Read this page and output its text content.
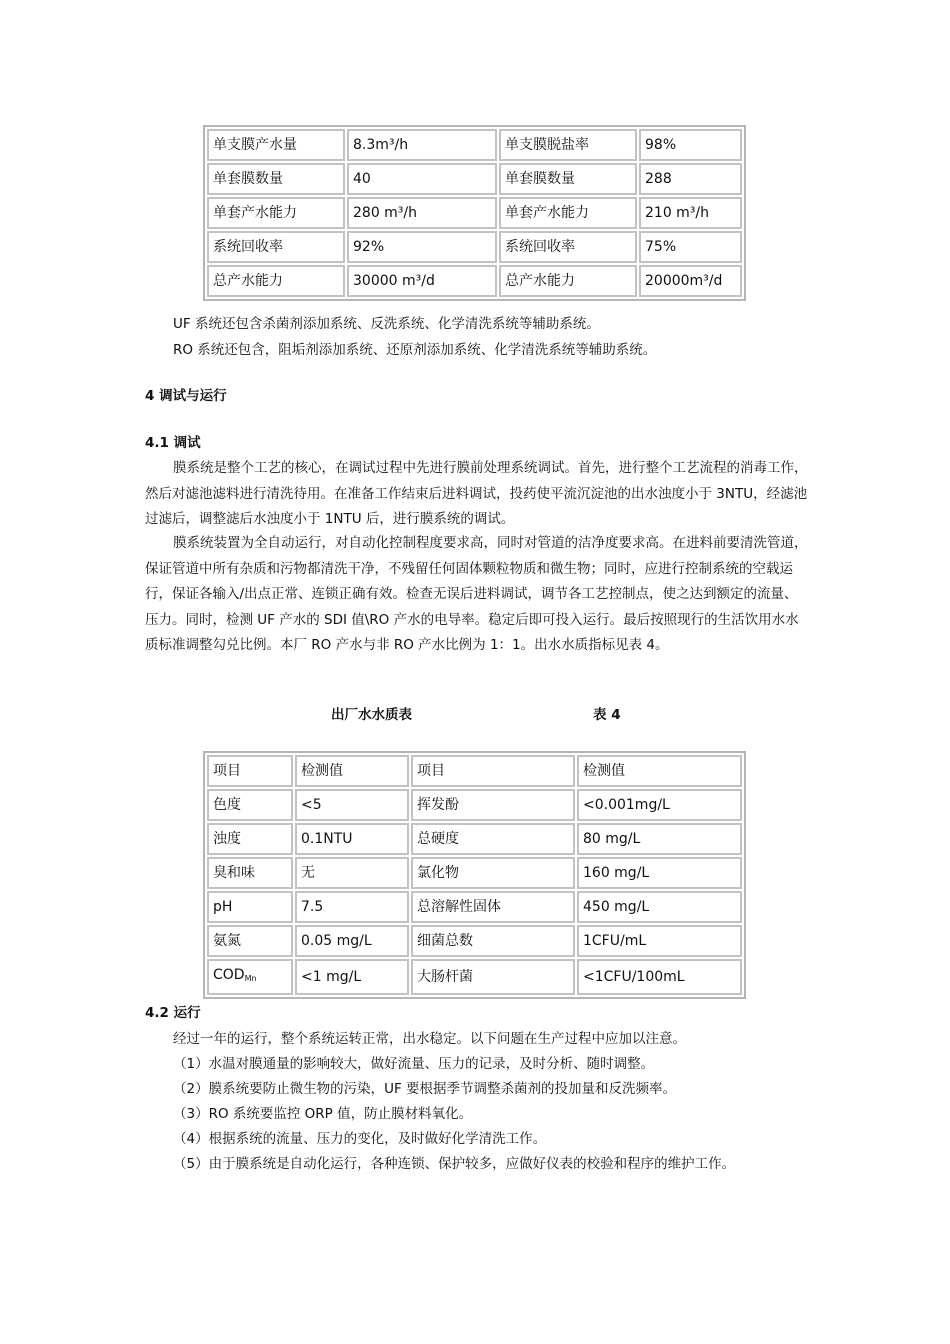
单支膜产水量	8.3m³/h	单支膜脱盐率	98%
单套膜数量	40	单套膜数量	288
单套产水能力	280 m³/h	单套产水能力	210 m³/h
系统回收率	92%	系统回收率	75%
总产水能力	30000 m³/d	总产水能力	20000m³/d

UF 系统还包含杀菌剂添加系统、反洗系统、化学清洗系统等辅助系统。

RO 系统还包含，阻垢剂添加系统、还原剂添加系统、化学清洗系统等辅助系统。

4 调试与运行

4.1 调试

膜系统是整个工艺的核心，在调试过程中先进行膜前处理系统调试。首先，进行整个工艺流程的消毒工作，然后对滤池滤料进行清洗待用。在准备工作结束后进料调试，投药使平流沉淀池的出水浊度小于 3NTU，经滤池过滤后，调整滤后水浊度小于 1NTU 后，进行膜系统的调试。

膜系统装置为全自动运行，对自动化控制程度要求高，同时对管道的洁净度要求高。在进料前要清洗管道，保证管道中所有杂质和污物都清洗干净，不残留任何固体颗粒物质和微生物；同时，应进行控制系统的空载运行，保证各输入/出点正常、连锁正确有效。检查无误后进料调试，调节各工艺控制点，使之达到额定的流量、压力。同时，检测 UF 产水的 SDI 值\RO 产水的电导率。稳定后即可投入运行。最后按照现行的生活饮用水水质标准调整勾兑比例。本厂 RO 产水与非 RO 产水比例为 1：1。出水水质指标见表 4。

出厂水水质表	表 4

项目	检测值	项目	检测值
色度	<5	挥发酚	<0.001mg/L
浊度	0.1NTU	总硬度	80 mg/L
臭和味	无	氯化物	160 mg/L
pH	7.5	总溶解性固体	450 mg/L
氨氮	0.05 mg/L	细菌总数	1CFU/mL
$COD_{Mn}$	<1 mg/L	大肠杆菌	<1CFU/100mL

4.2 运行

经过一年的运行，整个系统运转正常，出水稳定。以下问题在生产过程中应加以注意。

（1）水温对膜通量的影响较大，做好流量、压力的记录，及时分析、随时调整。

（2）膜系统要防止微生物的污染，UF 要根据季节调整杀菌剂的投加量和反洗频率。

（3）RO 系统要监控 ORP 值，防止膜材料氧化。

（4）根据系统的流量、压力的变化，及时做好化学清洗工作。

（5）由于膜系统是自动化运行，各种连锁、保护较多，应做好仪表的校验和程序的维护工作。
